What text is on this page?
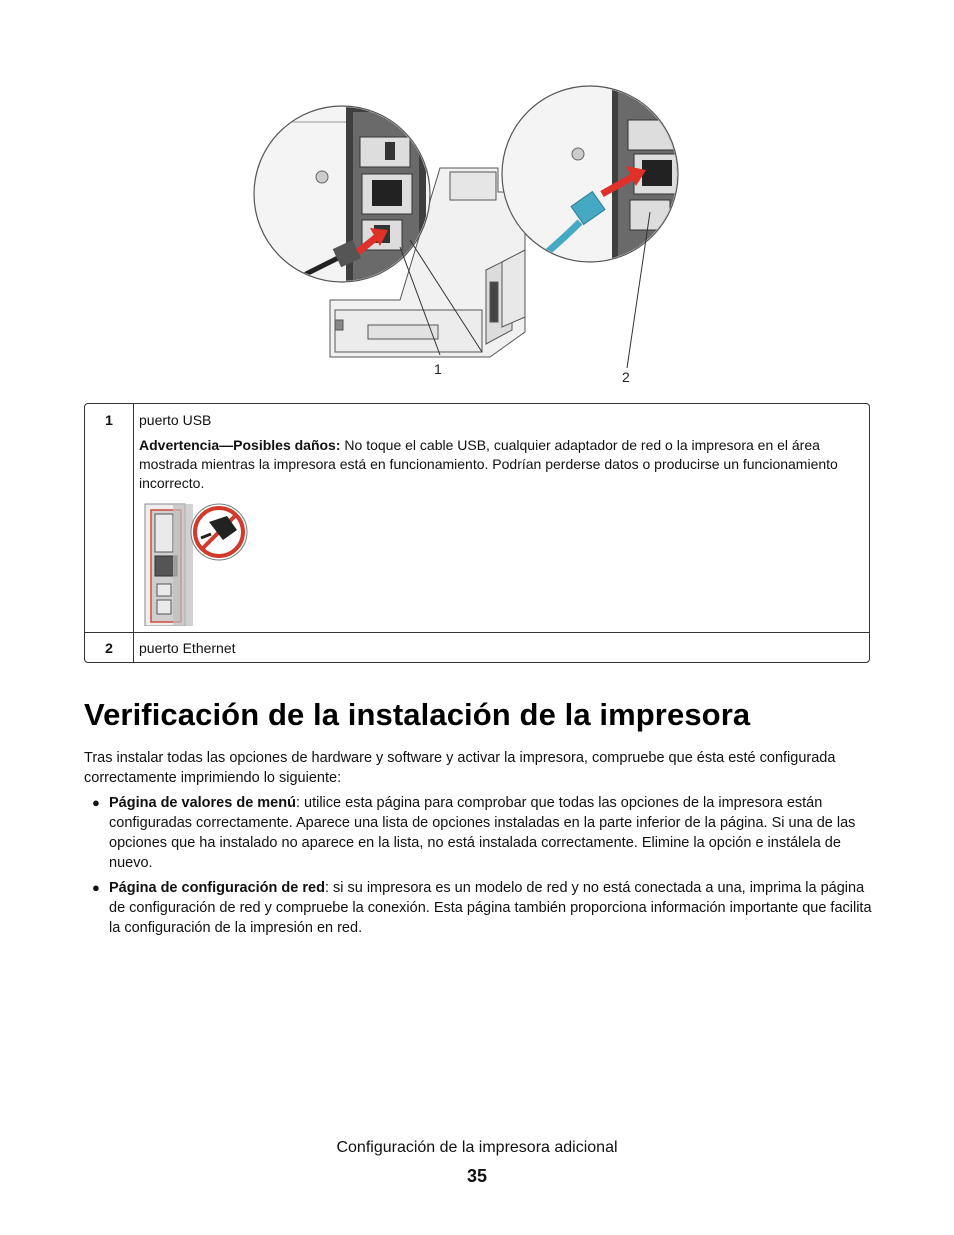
1	2
1	puerto USB
Advertencia—Posibles daños: No toque el cable USB, cualquier adaptador de red o la impresora en el área mostrada mientras la impresora está en funcionamiento. Podrían perderse datos o producirse un funcionamiento incorrecto.

2	puerto Ethernet
Verificación de la instalación de la impresora

Tras instalar todas las opciones de hardware y software y activar la impresora, compruebe que ésta esté configurada correctamente imprimiendo lo siguiente:

● Página de valores de menú: utilice esta página para comprobar que todas las opciones de la impresora están configuradas correctamente. Aparece una lista de opciones instaladas en la parte inferior de la página. Si una de las opciones que ha instalado no aparece en la lista, no está instalada correctamente. Elimine la opción e instálela de nuevo.
● Página de configuración de red: si su impresora es un modelo de red y no está conectada a una, imprima la página de configuración de red y compruebe la conexión. Esta página también proporciona información importante que facilita la configuración de la impresión en red.
Configuración de la impresora adicional
35
